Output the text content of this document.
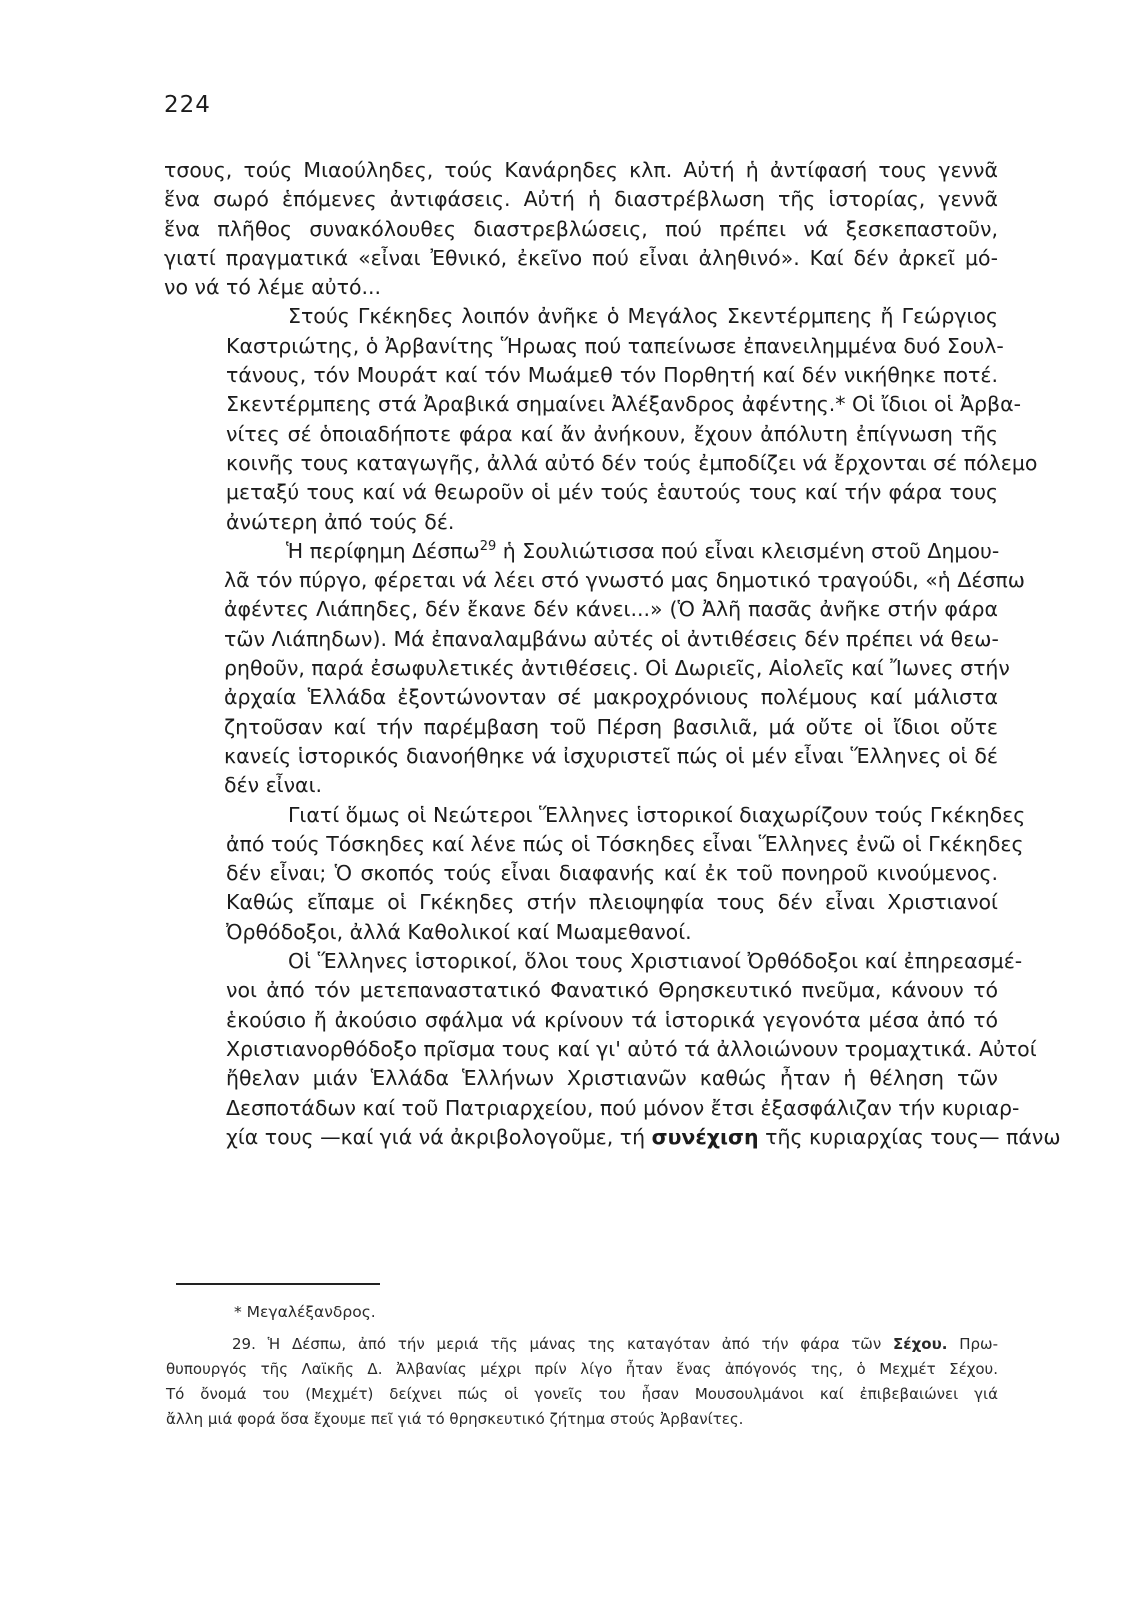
224
τσους, τούς Μιαούληδες, τούς Κανάρηδες κλπ. Αὐτή ἡ ἀντίφασή τους γεννᾶ
ἕνα σωρό ἑπόμενες ἀντιφάσεις. Αὐτή ἡ διαστρέβλωση τῆς ἱστορίας, γεννᾶ
ἕνα πλῆθος συνακόλουθες διαστρεβλώσεις, πού πρέπει νά ξεσκεπαστοῦν,
γιατί πραγματικά «εἶναι Ἐθνικό, ἐκεῖνο πού εἶναι ἀληθινό». Καί δέν ἀρκεῖ μό-
νο νά τό λέμε αὐτό...
Στούς Γκέκηδες λοιπόν ἀνῆκε ὁ Μεγάλος Σκεντέρμπεης ἤ Γεώργιος
Καστριώτης, ὁ Ἀρβανίτης Ἥρωας πού ταπείνωσε ἐπανειλημμένα δυό Σουλ-
τάνους, τόν Μουράτ καί τόν Μωάμεθ τόν Πορθητή καί δέν νικήθηκε ποτέ.
Σκεντέρμπεης στά Ἀραβικά σημαίνει Ἀλέξανδρος ἀφέντης.* Οἱ ἴδιοι οἱ Ἀρβα-
νίτες σέ ὁποιαδήποτε φάρα καί ἄν ἀνήκουν, ἔχουν ἀπόλυτη ἐπίγνωση τῆς
κοινῆς τους καταγωγῆς, ἀλλά αὐτό δέν τούς ἐμποδίζει νά ἔρχονται σέ πόλεμο
μεταξύ τους καί νά θεωροῦν οἱ μέν τούς ἑαυτούς τους καί τήν φάρα τους
ἀνώτερη ἀπό τούς δέ.
Ἡ περίφημη Δέσπω$^{29}$ ἡ Σουλιώτισσα πού εἶναι κλεισμένη στοῦ Δημου-
λᾶ τόν πύργο, φέρεται νά λέει στό γνωστό μας δημοτικό τραγούδι, «ἡ Δέσπω
ἀφέντες Λιάπηδες, δέν ἔκανε δέν κάνει...» (Ὁ Ἀλῆ πασᾶς ἀνῆκε στήν φάρα
τῶν Λιάπηδων). Μά ἐπαναλαμβάνω αὐτές οἱ ἀντιθέσεις δέν πρέπει νά θεω-
ρηθοῦν, παρά ἐσωφυλετικές ἀντιθέσεις. Οἱ Δωριεῖς, Αἰολεῖς καί Ἴωνες στήν
ἀρχαία Ἑλλάδα ἐξοντώνονταν σέ μακροχρόνιους πολέμους καί μάλιστα
ζητοῦσαν καί τήν παρέμβαση τοῦ Πέρση βασιλιᾶ, μά οὔτε οἱ ἴδιοι οὔτε
κανείς ἱστορικός διανοήθηκε νά ἰσχυριστεῖ πώς οἱ μέν εἶναι Ἕλληνες οἱ δέ
δέν εἶναι.
Γιατί ὅμως οἱ Νεώτεροι Ἕλληνες ἱστορικοί διαχωρίζουν τούς Γκέκηδες
ἀπό τούς Τόσκηδες καί λένε πώς οἱ Τόσκηδες εἶναι Ἕλληνες ἐνῶ οἱ Γκέκηδες
δέν εἶναι; Ὁ σκοπός τούς εἶναι διαφανής καί ἐκ τοῦ πονηροῦ κινούμενος.
Καθώς εἴπαμε οἱ Γκέκηδες στήν πλειοψηφία τους δέν εἶναι Χριστιανοί
Ὀρθόδοξοι, ἀλλά Καθολικοί καί Μωαμεθανοί.
Οἱ Ἕλληνες ἱστορικοί, ὅλοι τους Χριστιανοί Ὀρθόδοξοι καί ἐπηρεασμέ-
νοι ἀπό τόν μετεπαναστατικό Φανατικό Θρησκευτικό πνεῦμα, κάνουν τό
ἑκούσιο ἤ ἀκούσιο σφάλμα νά κρίνουν τά ἱστορικά γεγονότα μέσα ἀπό τό
Χριστιανορθόδοξο πρῖσμα τους καί γι' αὐτό τά ἀλλοιώνουν τρομαχτικά. Αὐτοί
ἤθελαν μιάν Ἑλλάδα Ἑλλήνων Χριστιανῶν καθώς ἦταν ἡ θέληση τῶν
Δεσποτάδων καί τοῦ Πατριαρχείου, πού μόνον ἔτσι ἐξασφάλιζαν τήν κυριαρ-
χία τους —καί γιά νά ἀκριβολογοῦμε, τή συνέχιση τῆς κυριαρχίας τους— πάνω
* Μεγαλέξανδρος.
29. Ἡ Δέσπω, ἀπό τήν μεριά τῆς μάνας της καταγόταν ἀπό τήν φάρα τῶν Σέχου. Πρω-
θυπουργός τῆς Λαϊκῆς Δ. Ἀλβανίας μέχρι πρίν λίγο ἦταν ἕνας ἀπόγονός της, ὁ Μεχμέτ Σέχου.
Τό ὄνομά του (Μεχμέτ) δείχνει πώς οἱ γονεῖς του ἦσαν Μουσουλμάνοι καί ἐπιβεβαιώνει γιά
ἄλλη μιά φορά ὅσα ἔχουμε πεῖ γιά τό θρησκευτικό ζήτημα στούς Ἀρβανίτες.
